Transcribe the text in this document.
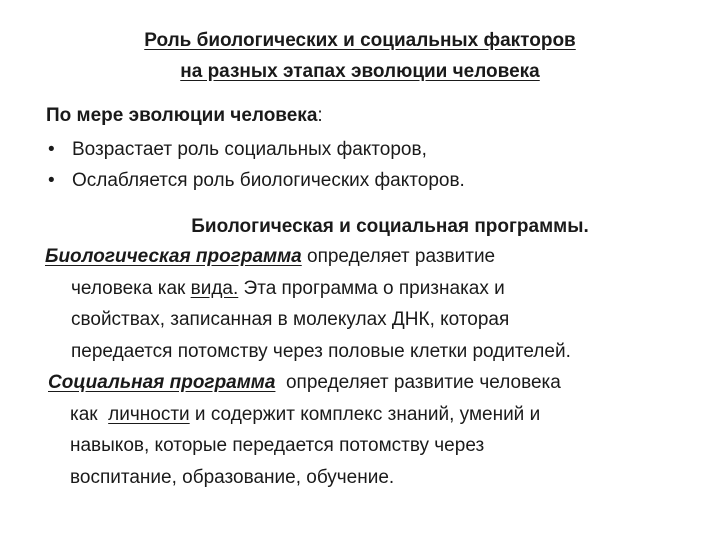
Роль биологических и социальных факторов
на разных этапах эволюции человека
По мере эволюции человека:
• Возрастает роль социальных факторов,
• Ослабляется роль биологических факторов.
Биологическая и социальная программы.
Биологическая программа определяет развитие
человека как вида. Эта программа о признаках и
свойствах, записанная в молекулах ДНК, которая
передается потомству через половые клетки родителей.
Социальная программа  определяет развитие человека
как  личности и содержит комплекс знаний, умений и
навыков, которые передается потомству через
воспитание, образование, обучение.
